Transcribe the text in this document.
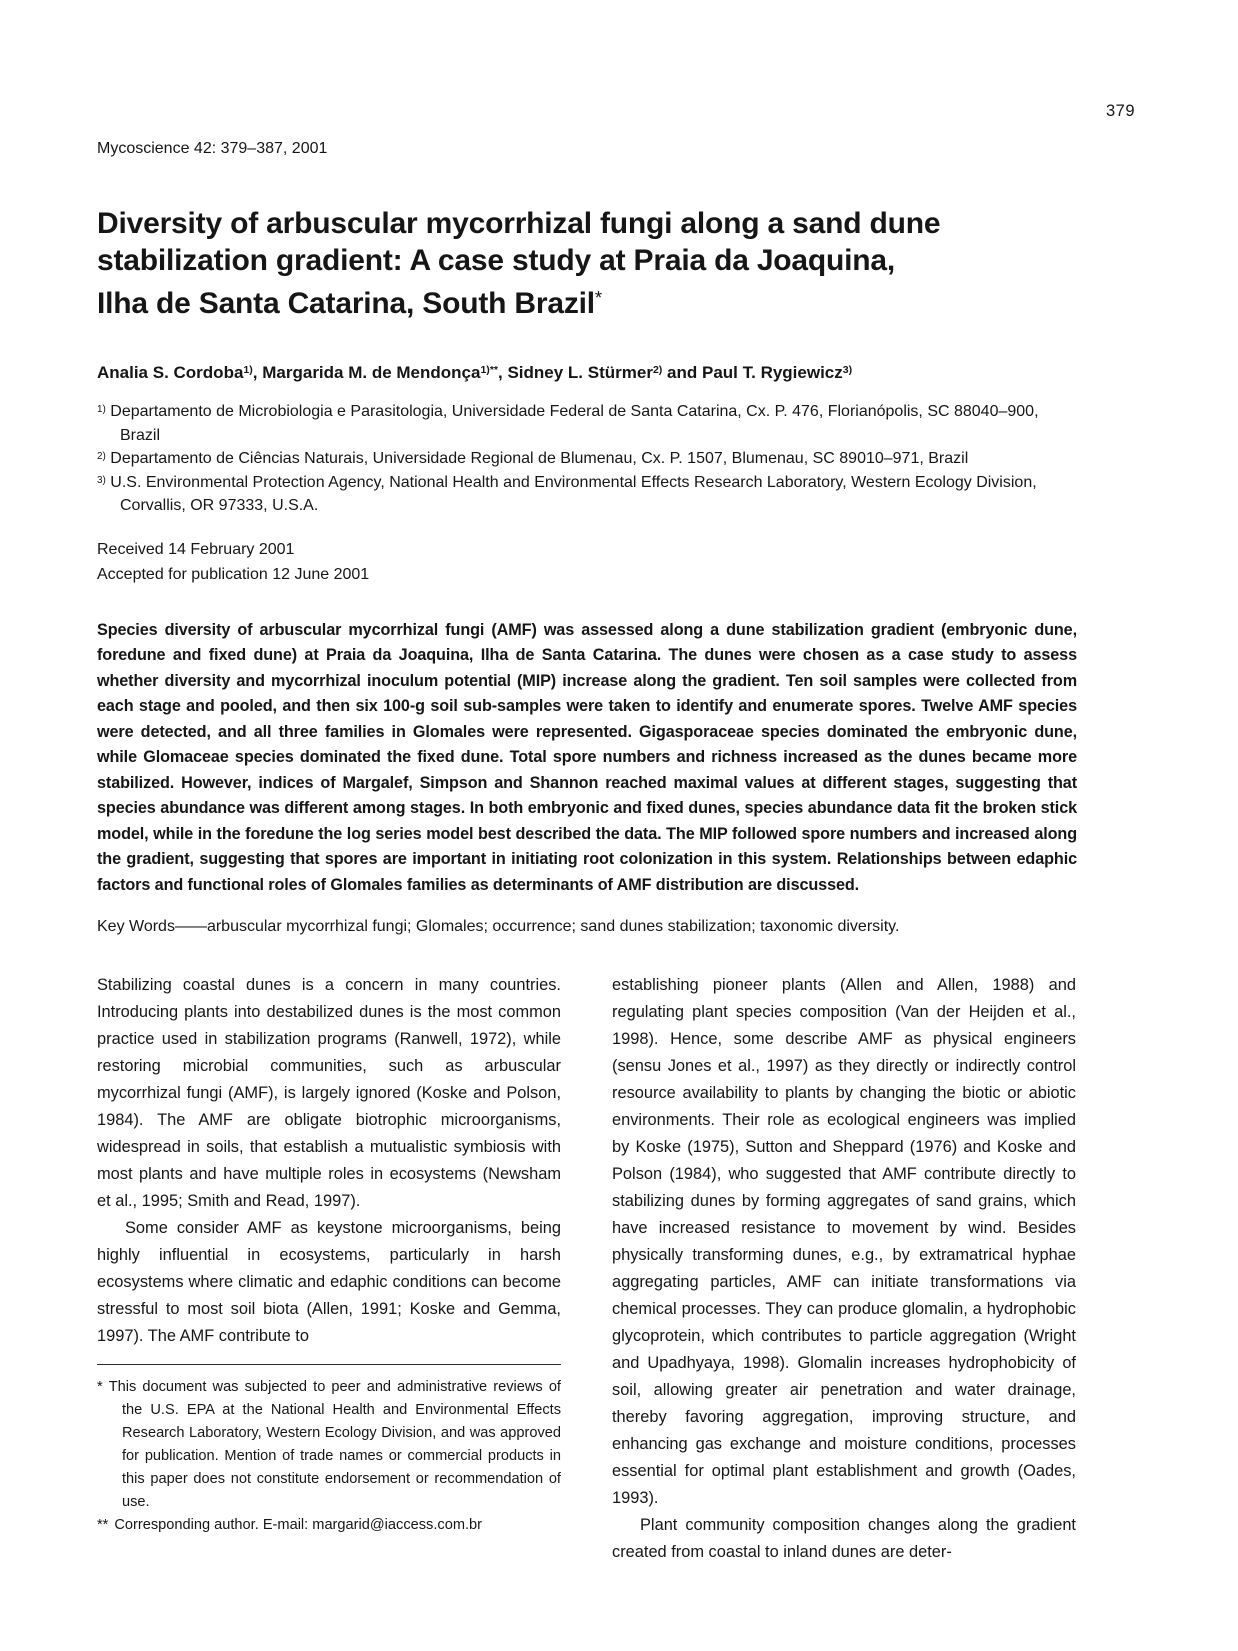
379
Mycoscience 42: 379–387, 2001
Diversity of arbuscular mycorrhizal fungi along a sand dune
stabilization gradient: A case study at Praia da Joaquina,
Ilha de Santa Catarina, South Brazil*

Analia S. Cordoba$^{1)}$, Margarida M. de Mendonça$^{1)**}$, Sidney L. Stürmer$^{2)}$ and Paul T. Rygiewicz$^{3)}$

$^{1)}$ Departamento de Microbiologia e Parasitologia, Universidade Federal de Santa Catarina, Cx. P. 476, Florianópolis, SC 88040–900, Brazil

$^{2)}$ Departamento de Ciências Naturais, Universidade Regional de Blumenau, Cx. P. 1507, Blumenau, SC 89010–971, Brazil

$^{3)}$ U.S. Environmental Protection Agency, National Health and Environmental Effects Research Laboratory, Western Ecology Division, Corvallis, OR 97333, U.S.A.

Received 14 February 2001

Accepted for publication 12 June 2001

Species diversity of arbuscular mycorrhizal fungi (AMF) was assessed along a dune stabilization gradient (embryonic dune, foredune and fixed dune) at Praia da Joaquina, Ilha de Santa Catarina. The dunes were chosen as a case study to assess whether diversity and mycorrhizal inoculum potential (MIP) increase along the gradient. Ten soil samples were collected from each stage and pooled, and then six 100-g soil sub-samples were taken to identify and enumerate spores. Twelve AMF species were detected, and all three families in Glomales were represented. Gigasporaceae species dominated the embryonic dune, while Glomaceae species dominated the fixed dune. Total spore numbers and richness increased as the dunes became more stabilized. However, indices of Margalef, Simpson and Shannon reached maximal values at different stages, suggesting that species abundance was different among stages. In both embryonic and fixed dunes, species abundance data fit the broken stick model, while in the foredune the log series model best described the data. The MIP followed spore numbers and increased along the gradient, suggesting that spores are important in initiating root colonization in this system. Relationships between edaphic factors and functional roles of Glomales families as determinants of AMF distribution are discussed.

Key Words——arbuscular mycorrhizal fungi; Glomales; occurrence; sand dunes stabilization; taxonomic diversity.

Stabilizing coastal dunes is a concern in many countries. Introducing plants into destabilized dunes is the most common practice used in stabilization programs (Ranwell, 1972), while restoring microbial communities, such as arbuscular mycorrhizal fungi (AMF), is largely ignored (Koske and Polson, 1984). The AMF are obligate biotrophic microorganisms, widespread in soils, that establish a mutualistic symbiosis with most plants and have multiple roles in ecosystems (Newsham et al., 1995; Smith and Read, 1997).

Some consider AMF as keystone microorganisms, being highly influential in ecosystems, particularly in harsh ecosystems where climatic and edaphic conditions can become stressful to most soil biota (Allen, 1991; Koske and Gemma, 1997). The AMF contribute to

* This document was subjected to peer and administrative reviews of the U.S. EPA at the National Health and Environmental Effects Research Laboratory, Western Ecology Division, and was approved for publication. Mention of trade names or commercial products in this paper does not constitute endorsement or recommendation of use.

** Corresponding author. E-mail: margarid@iaccess.com.br

establishing pioneer plants (Allen and Allen, 1988) and regulating plant species composition (Van der Heijden et al., 1998). Hence, some describe AMF as physical engineers (sensu Jones et al., 1997) as they directly or indirectly control resource availability to plants by changing the biotic or abiotic environments. Their role as ecological engineers was implied by Koske (1975), Sutton and Sheppard (1976) and Koske and Polson (1984), who suggested that AMF contribute directly to stabilizing dunes by forming aggregates of sand grains, which have increased resistance to movement by wind. Besides physically transforming dunes, e.g., by extramatrical hyphae aggregating particles, AMF can initiate transformations via chemical processes. They can produce glomalin, a hydrophobic glycoprotein, which contributes to particle aggregation (Wright and Upadhyaya, 1998). Glomalin increases hydrophobicity of soil, allowing greater air penetration and water drainage, thereby favoring aggregation, improving structure, and enhancing gas exchange and moisture conditions, processes essential for optimal plant establishment and growth (Oades, 1993).

Plant community composition changes along the gradient created from coastal to inland dunes are deter-
